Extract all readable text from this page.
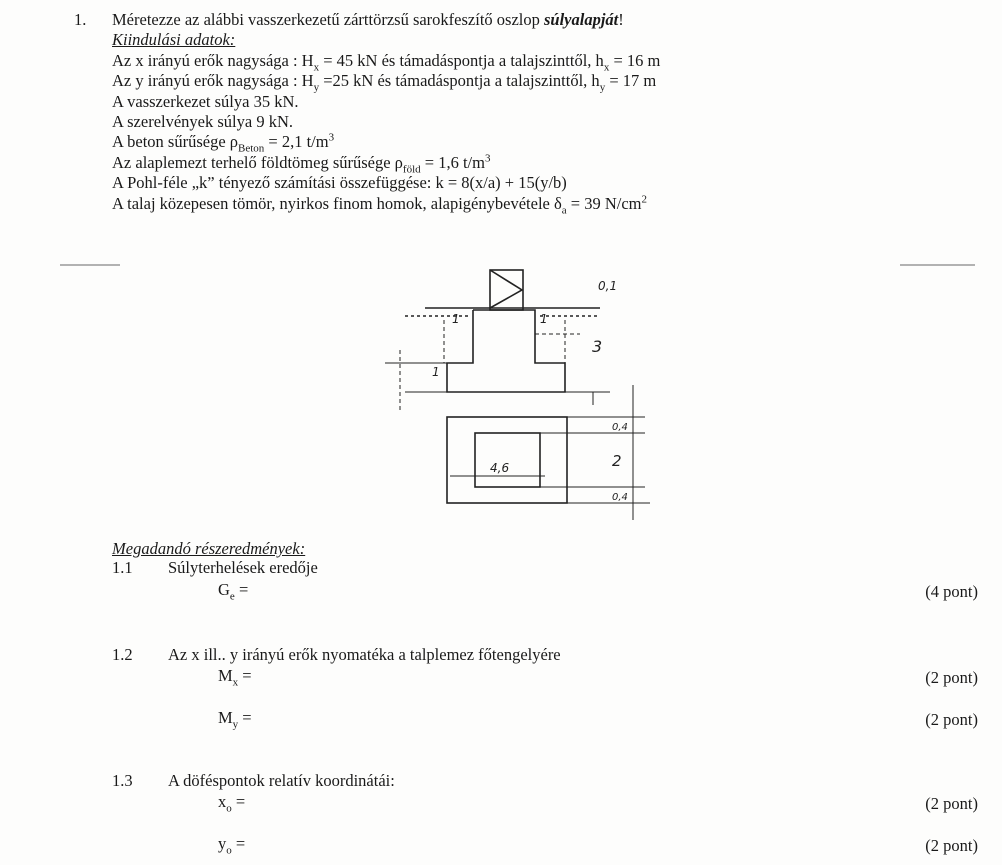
1. Méretezze az alábbi vasszerkezetű zárttörzsű sarokfeszítő oszlop súlyalapját!
Kiindulási adatok:
Az x irányú erők nagysága : $H_x = 45$ kN és támadáspontja a talajszinttől, $h_x = 16$ m
Az y irányú erők nagysága : $H_y =25$ kN és támadáspontja a talajszinttől, $h_y = 17$ m
A vasszerkezet súlya 35 kN.
A szerelvények súlya 9 kN.
A beton sűrűsége $\rho_{Beton} = 2,1$ $t/m^3$
Az alaplemezt terhelő földtömeg sűrűsége $\rho_{föld} = 1,6$ $t/m^3$
A Pohl-féle „k” tényező számítási összefüggése: k = 8(x/a) + 15(y/b)
A talaj közepesen tömör, nyirkos finom homok, alapigénybevétele $\delta_a = 39$ $N/cm^2$
1
3
0,1
1	1
4,6	2
0,4
0,4
Megadandó részeredmények:
1.1 Súlyterhelések eredője
$G_e$ =	(4 pont)
1.2 Az x ill.. y irányú erők nyomatéka a talplemez főtengelyére
$M_x$ =	(2 pont)
$M_y$ =	(2 pont)
1.3 A döféspontok relatív koordinátái:
$x_o$ =	(2 pont)
$y_o$ =	(2 pont)
